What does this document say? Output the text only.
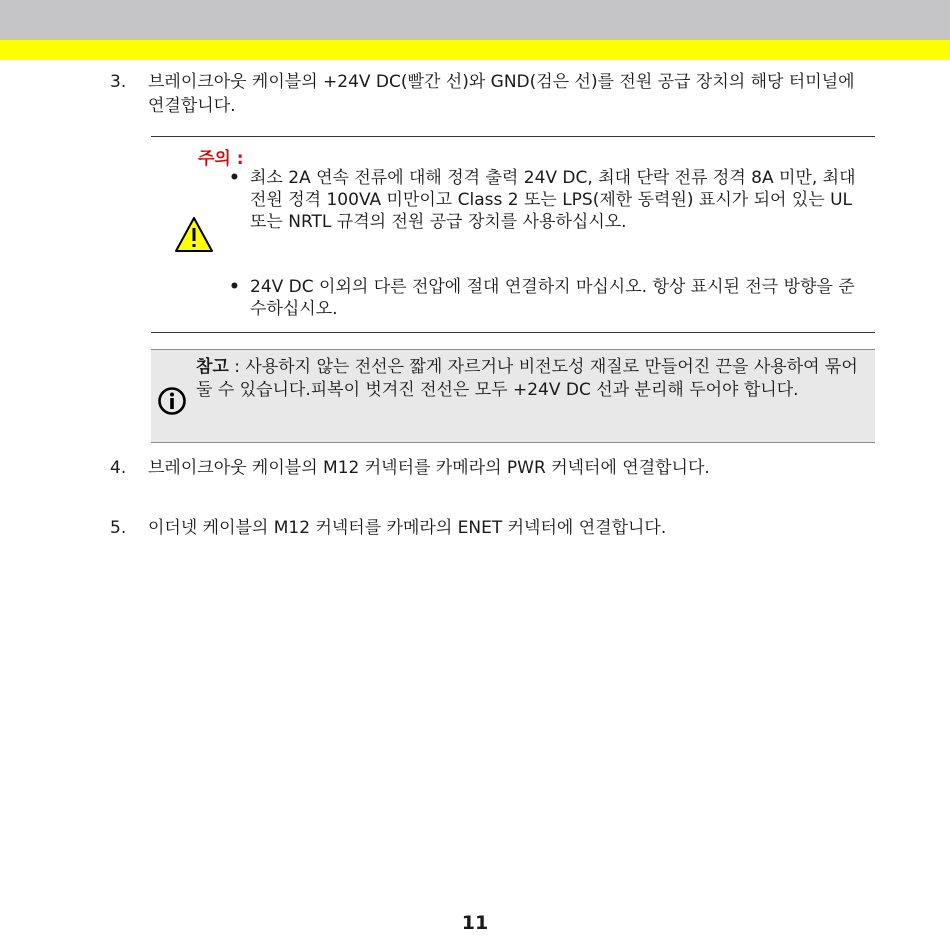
3.	브레이크아웃 케이블의 +24V DC(빨간 선)와 GND(검은 선)를 전원 공급 장치의 해당 터미널에 연결합니다.
주의 :
• 최소 2A 연속 전류에 대해 정격 출력 24V DC, 최대 단락 전류 정격 8A 미만, 최대 전원 정격 100VA 미만이고 Class 2 또는 LPS(제한 동력원) 표시가 되어 있는 UL 또는 NRTL 규격의 전원 공급 장치를 사용하십시오.
• 24V DC 이외의 다른 전압에 절대 연결하지 마십시오. 항상 표시된 전극 방향을 준수하십시오.
참고 : 사용하지 않는 전선은 짧게 자르거나 비전도성 재질로 만들어진 끈을 사용하여 묶어둘 수 있습니다.피복이 벗겨진 전선은 모두 +24V DC 선과 분리해 두어야 합니다.
4.	브레이크아웃 케이블의 M12 커넥터를 카메라의 PWR 커넥터에 연결합니다.
5.	이더넷 케이블의 M12 커넥터를 카메라의 ENET 커넥터에 연결합니다.
11
